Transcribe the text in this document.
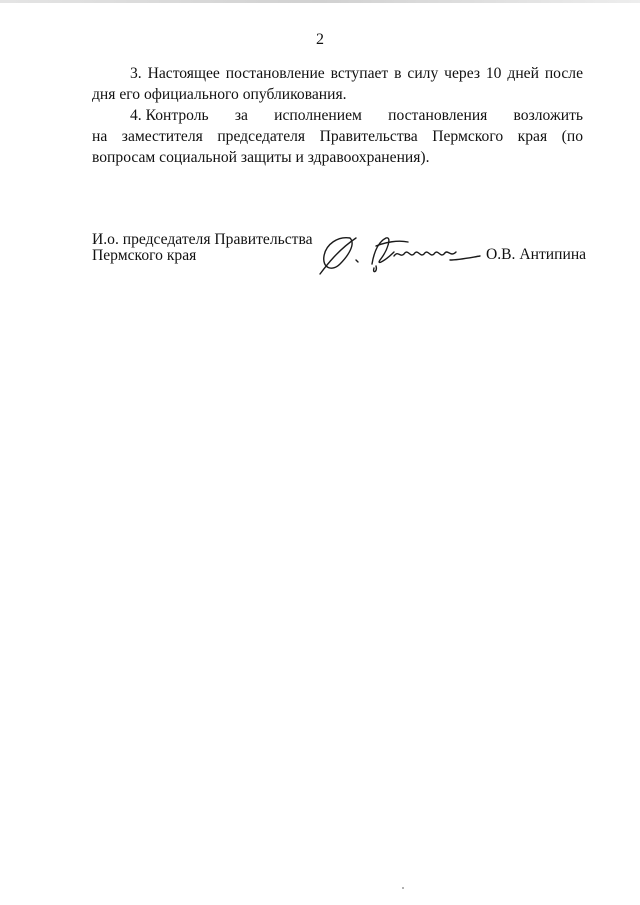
2

3. Настоящее постановление вступает в силу через 10 дней после дня его официального опубликования.

4. Контроль за исполнением постановления возложить

на заместителя председателя Правительства Пермского края (по вопросам социальной защиты и здравоохранения).

И.о. председателя Правительства
Пермского края	О.В. Антипина
